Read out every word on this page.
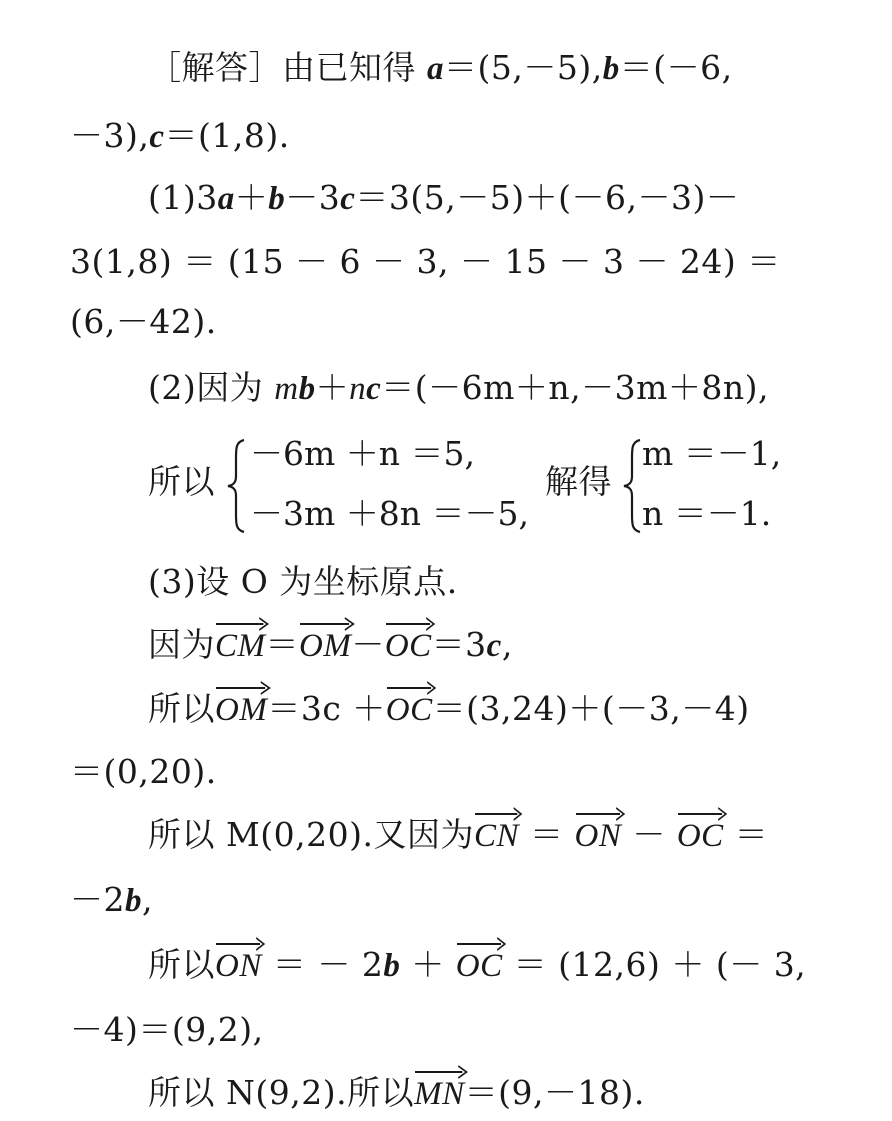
［解答］由已知得 a＝(5,－5),b＝(－6,
－3),c＝(1,8).
(1)3a＋b－3c＝3(5,－5)＋(－6,－3)－
3(1,8) ＝ (15 － 6 － 3, － 15 － 3 － 24) ＝
(6,－42).
(2)因为 mb＋nc＝(－6m＋n,－3m＋8n),
所以
－6m ＋n ＝5,
－3m ＋8n ＝－5,
解得
m ＝－1,
n ＝－1.
(3)设 O 为坐标原点.
因为
CM＝
OM－
OC＝3c,
所以
OM＝3c ＋
OC＝(3,24)＋(－3,－4)
＝(0,20).
所以 M(0,20).又因为
CN ＝
ON －
OC ＝
－2b,
所以
ON ＝ － 2b ＋
OC ＝ (12,6) ＋ (－ 3,
－4)＝(9,2),
所以 N(9,2).所以
MN＝(9,－18).
